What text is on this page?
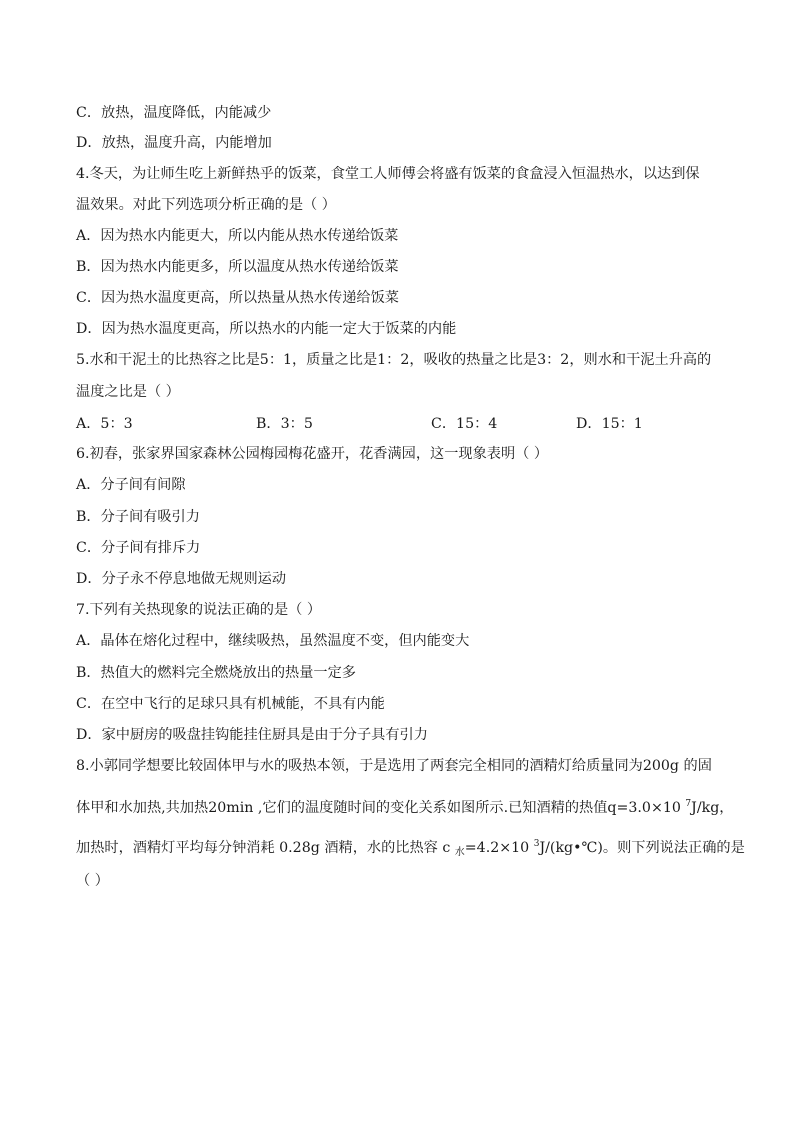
C．放热，温度降低，内能减少
D．放热，温度升高，内能增加
4.冬天，为让师生吃上新鲜热乎的饭菜，食堂工人师傅会将盛有饭菜的食盒浸入恒温热水，以达到保
温效果。对此下列选项分析正确的是（ ）
A．因为热水内能更大，所以内能从热水传递给饭菜
B．因为热水内能更多，所以温度从热水传递给饭菜
C．因为热水温度更高，所以热量从热水传递给饭菜
D．因为热水温度更高，所以热水的内能一定大于饭菜的内能
5.水和干泥土的比热容之比是5：1，质量之比是1：2，吸收的热量之比是3：2，则水和干泥土升高的
温度之比是（ ）
A．5：3	B．3：5	C．15：4	D．15：1
6.初春，张家界国家森林公园梅园梅花盛开，花香满园，这一现象表明（ ）
A．分子间有间隙
B．分子间有吸引力
C．分子间有排斥力
D．分子永不停息地做无规则运动
7.下列有关热现象的说法正确的是（ ）
A．晶体在熔化过程中，继续吸热，虽然温度不变，但内能变大
B．热值大的燃料完全燃烧放出的热量一定多
C．在空中飞行的足球只具有机械能，不具有内能
D．家中厨房的吸盘挂钩能挂住厨具是由于分子具有引力
8.小郭同学想要比较固体甲与水的吸热本领，于是选用了两套完全相同的酒精灯给质量同为200g 的固
体甲和水加热,共加热20min ,它们的温度随时间的变化关系如图所示.已知酒精的热值q=3.0×10 $^7$J/kg，
加热时，酒精灯平均每分钟消耗 0.28g 酒精，水的比热容 c $_水$=4.2×10 $^3$J/(kg•℃)。则下列说法正确的是
（ ）
